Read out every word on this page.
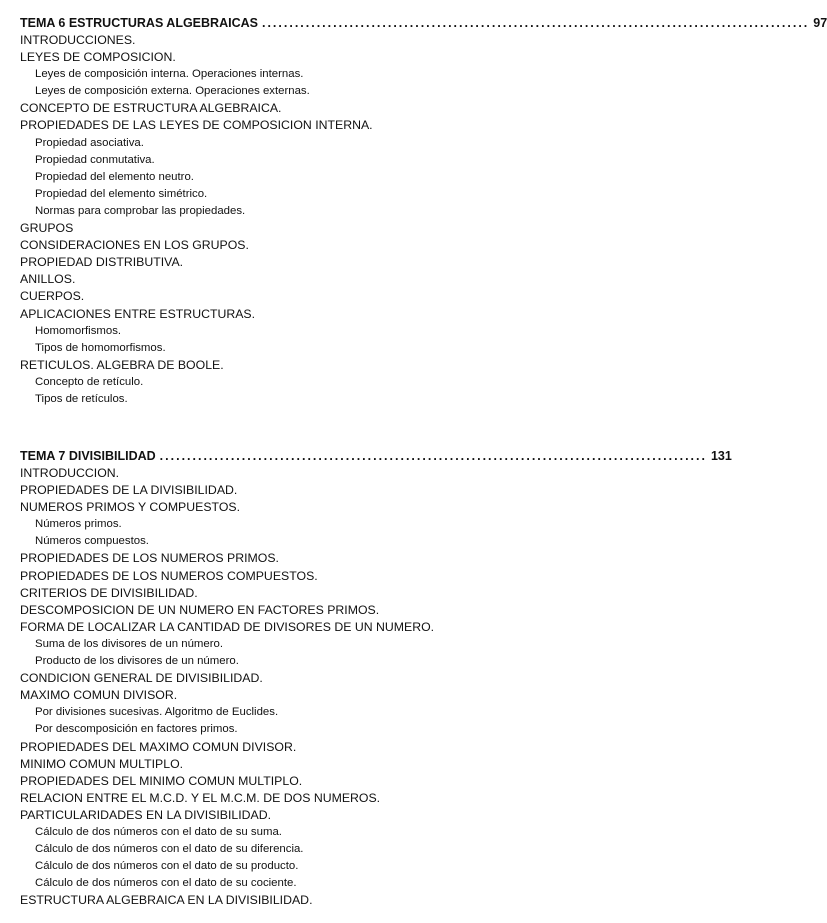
TEMA 6 ESTRUCTURAS ALGEBRAICAS .................................................................................................... 97
INTRODUCCIONES.
LEYES DE COMPOSICION.
Leyes de composición interna. Operaciones internas.
Leyes de composición externa. Operaciones externas.
CONCEPTO DE ESTRUCTURA ALGEBRAICA.
PROPIEDADES DE LAS LEYES DE COMPOSICION INTERNA.
Propiedad asociativa.
Propiedad conmutativa.
Propiedad del elemento neutro.
Propiedad del elemento simétrico.
Normas para comprobar las propiedades.
GRUPOS
CONSIDERACIONES EN LOS GRUPOS.
PROPIEDAD DISTRIBUTIVA.
ANILLOS.
CUERPOS.
APLICACIONES ENTRE ESTRUCTURAS.
Homomorfismos.
Tipos de homomorfismos.
RETICULOS. ALGEBRA DE BOOLE.
Concepto de retículo.
Tipos de retículos.
TEMA 7 DIVISIBILIDAD .................................................................................................... 131
INTRODUCCION.
PROPIEDADES DE LA DIVISIBILIDAD.
NUMEROS PRIMOS Y COMPUESTOS.
Números primos.
Números compuestos.
PROPIEDADES DE LOS NUMEROS PRIMOS.
PROPIEDADES DE LOS NUMEROS COMPUESTOS.
CRITERIOS DE DIVISIBILIDAD.
DESCOMPOSICION DE UN NUMERO EN FACTORES PRIMOS.
FORMA DE LOCALIZAR LA CANTIDAD DE DIVISORES DE UN NUMERO.
Suma de los divisores de un número.
Producto de los divisores de un número.
CONDICION GENERAL DE DIVISIBILIDAD.
MAXIMO COMUN DIVISOR.
Por divisiones sucesivas. Algoritmo de Euclides.
Por descomposición en factores primos.
PROPIEDADES DEL MAXIMO COMUN DIVISOR.
MINIMO COMUN MULTIPLO.
PROPIEDADES DEL MINIMO COMUN MULTIPLO.
RELACION ENTRE EL M.C.D. Y EL M.C.M. DE DOS NUMEROS.
PARTICULARIDADES EN LA DIVISIBILIDAD.
Cálculo de dos números con el dato de su suma.
Cálculo de dos números con el dato de su diferencia.
Cálculo de dos números con el dato de su producto.
Cálculo de dos números con el dato de su cociente.
ESTRUCTURA ALGEBRAICA EN LA DIVISIBILIDAD.
